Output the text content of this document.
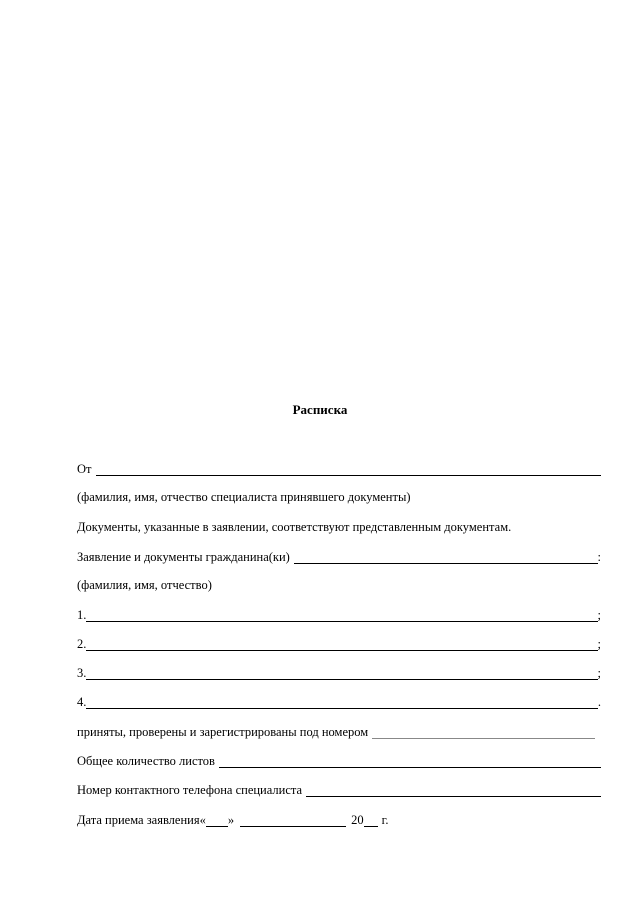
Расписка
От
(фамилия, имя, отчество специалиста принявшего документы)
Документы, указанные в заявлении, соответствуют представленным документам.
Заявление и документы гражданина(ки)	:
(фамилия, имя, отчество)
1.	;
2.	;
3.	;
4.	.
приняты, проверены и зарегистрированы под номером
Общее количество листов
Номер контактного телефона специалиста
Дата приема заявления« »	20 г.
